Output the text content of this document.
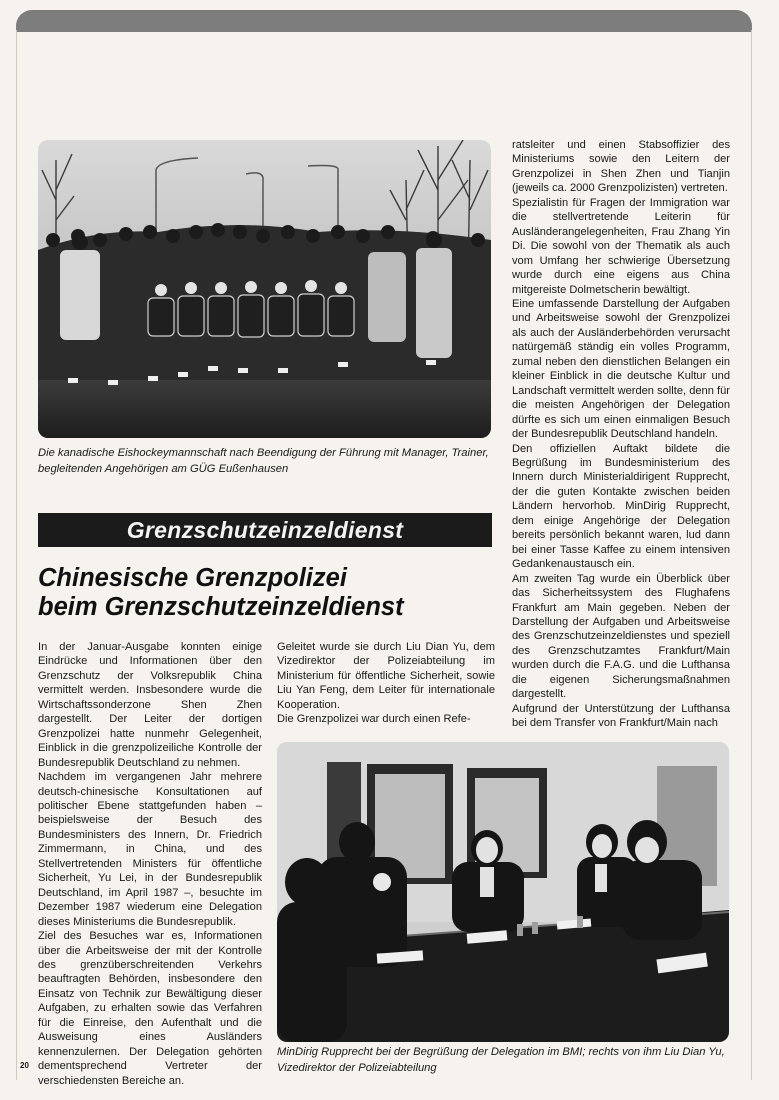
Die kanadische Eishockeymannschaft nach Beendigung der Führung mit Manager, Trainer, begleitenden Angehörigen am GÜG Eußenhausen
Grenzschutzeinzeldienst
Chinesische Grenzpolizei
beim Grenzschutzeinzeldienst

In der Januar-Ausgabe konnten einige Eindrücke und Informationen über den Grenzschutz der Volksrepublik China vermittelt werden. Insbesondere wurde die Wirtschaftssonderzone Shen Zhen dargestellt. Der Leiter der dortigen Grenzpolizei hatte nunmehr Gelegenheit, Einblick in die grenzpolizeiliche Kontrolle der Bundesrepublik Deutschland zu nehmen.

Nachdem im vergangenen Jahr mehrere deutsch-chinesische Konsultationen auf politischer Ebene stattgefunden haben – beispielsweise der Besuch des Bundesministers des Innern, Dr. Friedrich Zimmermann, in China, und des Stellvertretenden Ministers für öffentliche Sicherheit, Yu Lei, in der Bundesrepublik Deutschland, im April 1987 –, besuchte im Dezember 1987 wiederum eine Delegation dieses Ministeriums die Bundesrepublik.

Ziel des Besuches war es, Informationen über die Arbeitsweise der mit der Kontrolle des grenzüberschreitenden Verkehrs beauftragten Behörden, insbesondere den Einsatz von Technik zur Bewältigung dieser Aufgaben, zu erhalten sowie das Verfahren für die Einreise, den Aufenthalt und die Ausweisung eines Ausländers kennenzulernen. Der Delegation gehörten dementsprechend Vertreter der verschiedensten Bereiche an.

Geleitet wurde sie durch Liu Dian Yu, dem Vizedirektor der Polizeiabteilung im Ministerium für öffentliche Sicherheit, sowie Liu Yan Feng, dem Leiter für internationale Kooperation.

Die Grenzpolizei war durch einen Refe-

ratsleiter und einen Stabsoffizier des Ministeriums sowie den Leitern der Grenzpolizei in Shen Zhen und Tianjin (jeweils ca. 2000 Grenzpolizisten) vertreten.

Spezialistin für Fragen der Immigration war die stellvertretende Leiterin für Ausländerangelegenheiten, Frau Zhang Yin Di. Die sowohl von der Thematik als auch vom Umfang her schwierige Übersetzung wurde durch eine eigens aus China mitgereiste Dolmetscherin bewältigt.

Eine umfassende Darstellung der Aufgaben und Arbeitsweise sowohl der Grenzpolizei als auch der Ausländerbehörden verursacht natürgemäß ständig ein volles Programm, zumal neben den dienstlichen Belangen ein kleiner Einblick in die deutsche Kultur und Landschaft vermittelt werden sollte, denn für die meisten Angehörigen der Delegation dürfte es sich um einen einmaligen Besuch der Bundesrepublik Deutschland handeln.

Den offiziellen Auftakt bildete die Begrüßung im Bundesministerium des Innern durch Ministerialdirigent Rupprecht, der die guten Kontakte zwischen beiden Ländern hervorhob. MinDirig Rupprecht, dem einige Angehörige der Delegation bereits persönlich bekannt waren, lud dann bei einer Tasse Kaffee zu einem intensiven Gedankenaustausch ein.

Am zweiten Tag wurde ein Überblick über das Sicherheitssystem des Flughafens Frankfurt am Main gegeben. Neben der Darstellung der Aufgaben und Arbeitsweise des Grenzschutzeinzeldienstes und speziell des Grenzschutzamtes Frankfurt/Main wurden durch die F.A.G. und die Lufthansa die eigenen Sicherungsmaßnahmen dargestellt.

Aufgrund der Unterstützung der Lufthansa bei dem Transfer von Frankfurt/Main nach

MinDirig Rupprecht bei der Begrüßung der Delegation im BMI; rechts von ihm Liu Dian Yu, Vizedirektor der Polizeiabteilung
20
